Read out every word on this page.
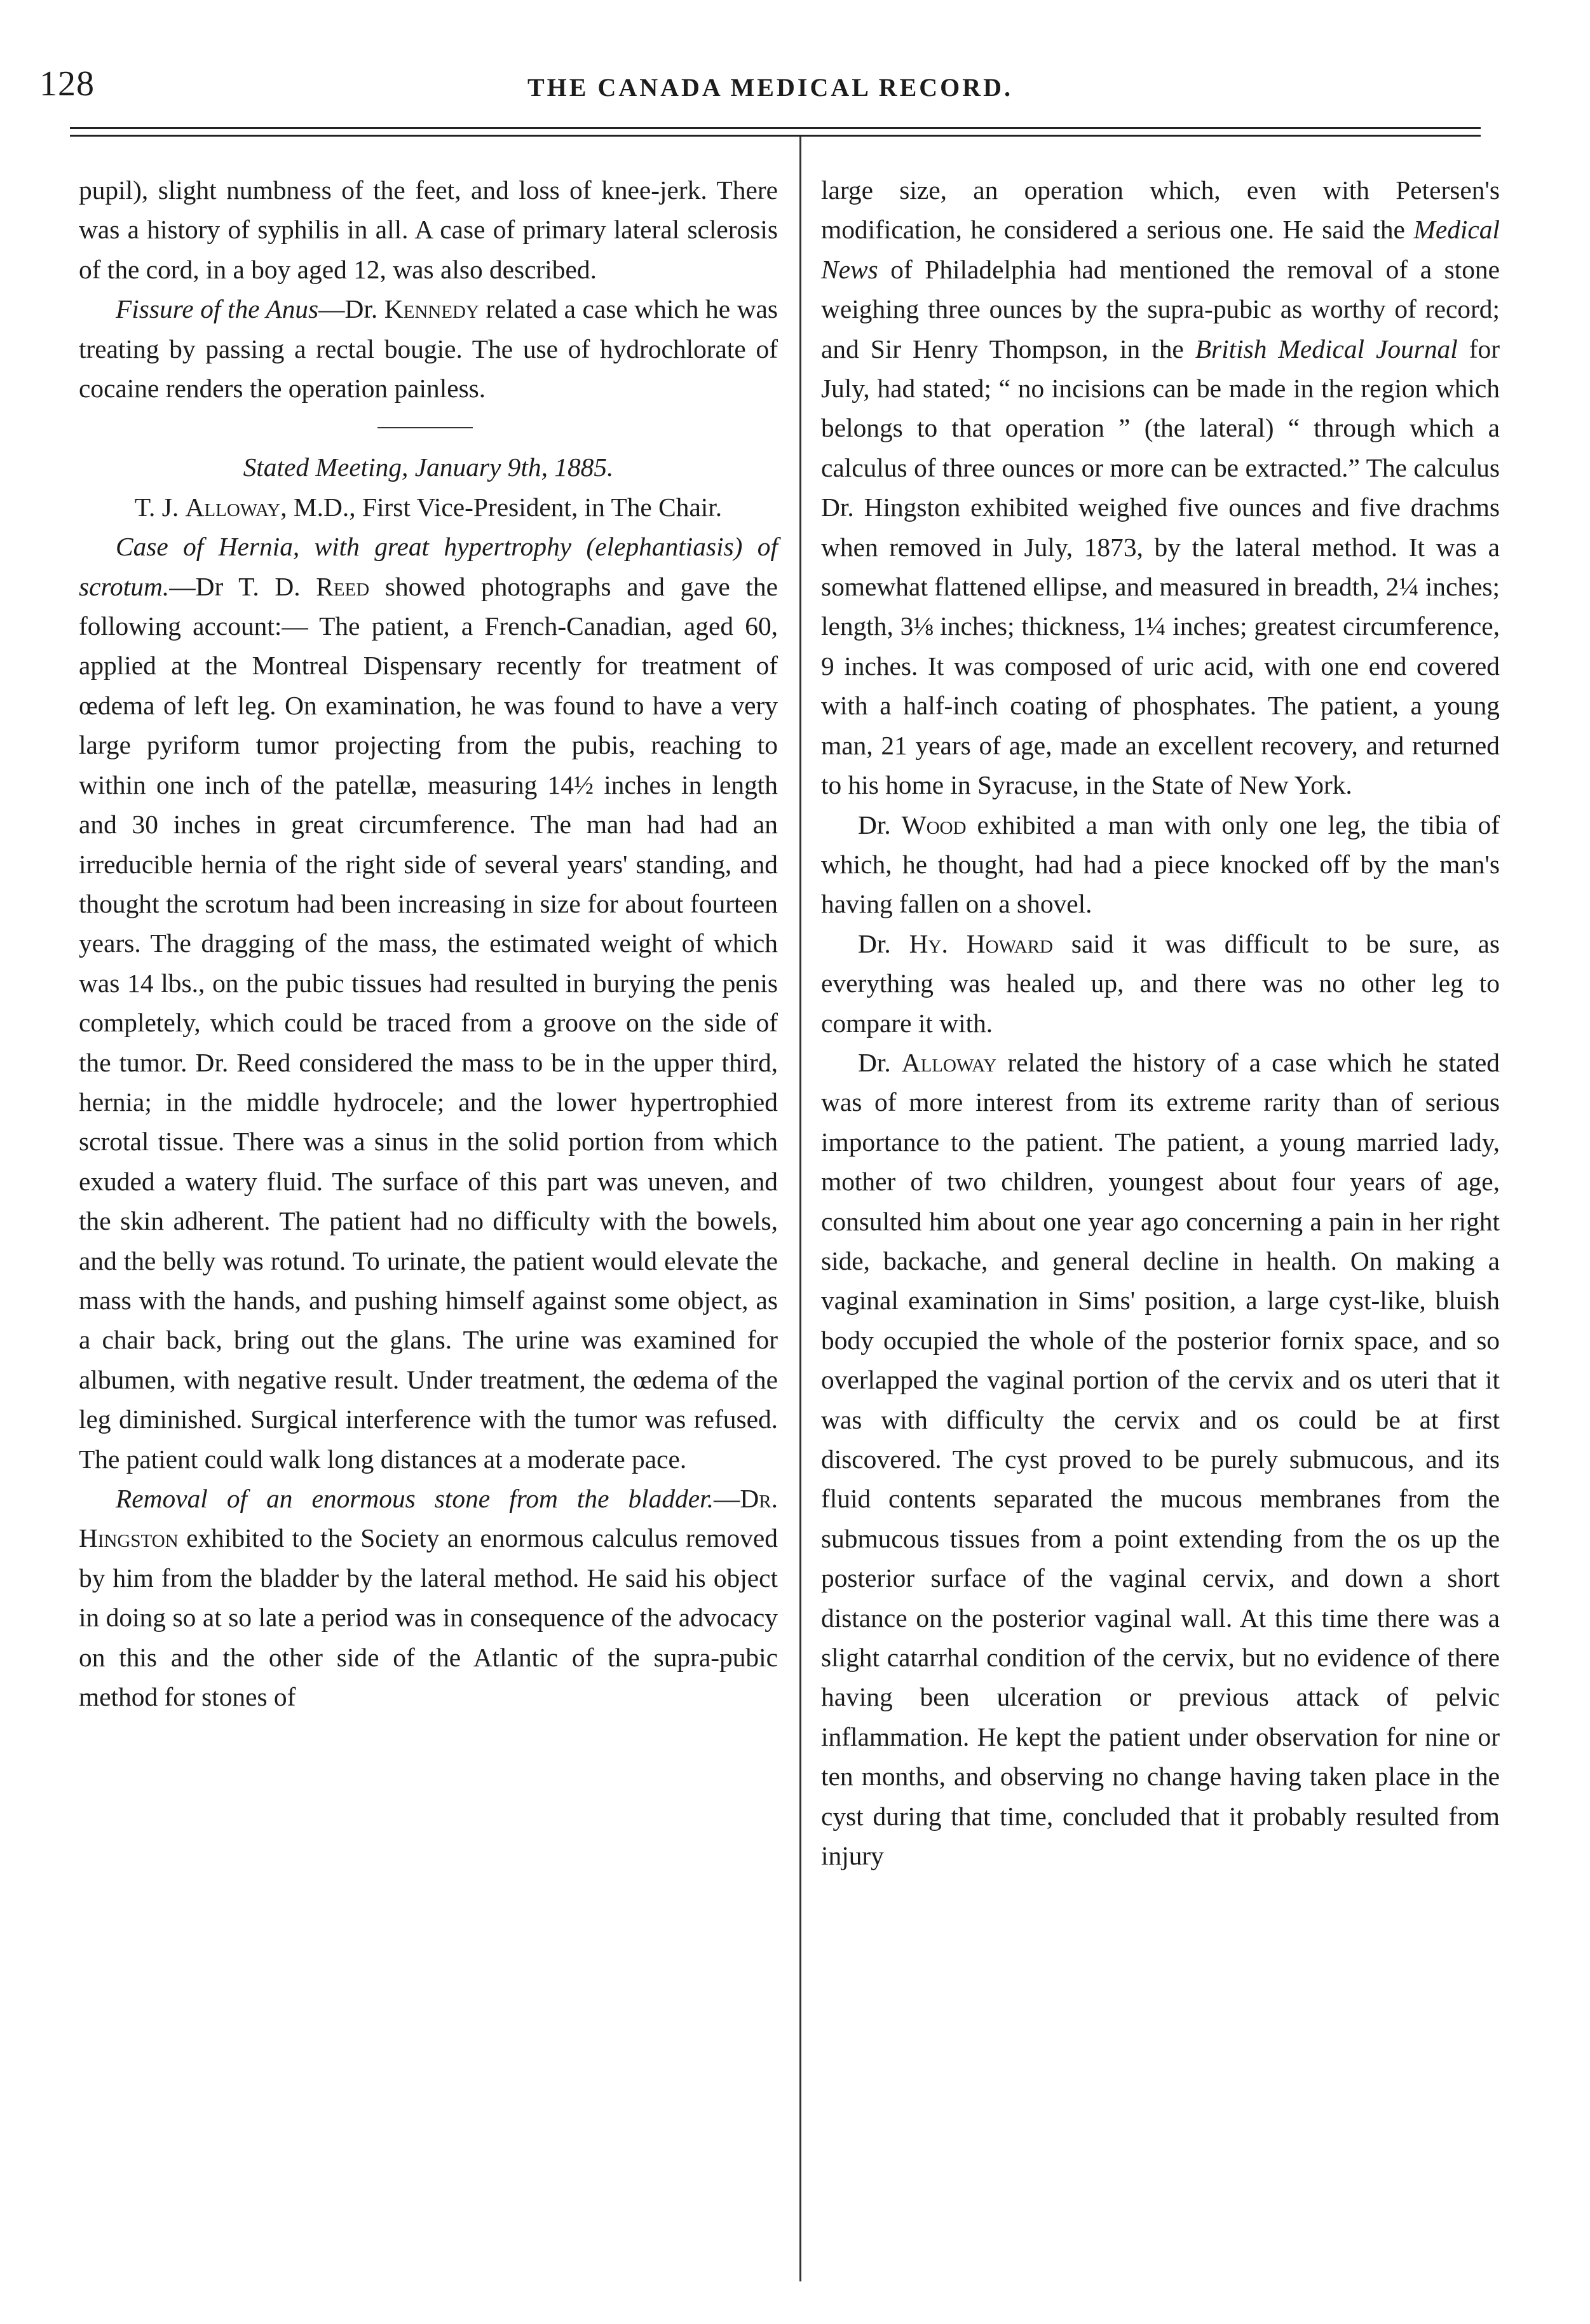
128	THE CANADA MEDICAL RECORD.

pupil), slight numbness of the feet, and loss of knee-jerk. There was a history of syphilis in all. A case of primary lateral sclerosis of the cord, in a boy aged 12, was also described.

Fissure of the Anus—Dr. Kennedy related a case which he was treating by passing a rectal bougie. The use of hydrochlorate of cocaine renders the operation painless.

Stated Meeting, January 9th, 1885.

T. J. Alloway, M.D., First Vice-President, in The Chair.

Case of Hernia, with great hypertrophy (elephantiasis) of scrotum.—Dr T. D. Reed showed photographs and gave the following account:— The patient, a French-Canadian, aged 60, applied at the Montreal Dispensary recently for treatment of œdema of left leg. On examination, he was found to have a very large pyriform tumor projecting from the pubis, reaching to within one inch of the patellæ, measuring 14½ inches in length and 30 inches in great circumference. The man had had an irreducible hernia of the right side of several years' standing, and thought the scrotum had been increasing in size for about fourteen years. The dragging of the mass, the estimated weight of which was 14 lbs., on the pubic tissues had resulted in burying the penis completely, which could be traced from a groove on the side of the tumor. Dr. Reed considered the mass to be in the upper third, hernia; in the middle hydrocele; and the lower hypertrophied scrotal tissue. There was a sinus in the solid portion from which exuded a watery fluid. The surface of this part was uneven, and the skin adherent. The patient had no difficulty with the bowels, and the belly was rotund. To urinate, the patient would elevate the mass with the hands, and pushing himself against some object, as a chair back, bring out the glans. The urine was examined for albumen, with negative result. Under treatment, the œdema of the leg diminished. Surgical interference with the tumor was refused. The patient could walk long distances at a moderate pace.

Removal of an enormous stone from the bladder.—Dr. Hingston exhibited to the Society an enormous calculus removed by him from the bladder by the lateral method. He said his object in doing so at so late a period was in consequence of the advocacy on this and the other side of the Atlantic of the supra-pubic method for stones of

large size, an operation which, even with Petersen's modification, he considered a serious one. He said the Medical News of Philadelphia had mentioned the removal of a stone weighing three ounces by the supra-pubic as worthy of record; and Sir Henry Thompson, in the British Medical Journal for July, had stated; “ no incisions can be made in the region which belongs to that operation ” (the lateral) “ through which a calculus of three ounces or more can be extracted.” The calculus Dr. Hingston exhibited weighed five ounces and five drachms when removed in July, 1873, by the lateral method. It was a somewhat flattened ellipse, and measured in breadth, 2¼ inches; length, 3⅛ inches; thickness, 1¼ inches; greatest circumference, 9 inches. It was composed of uric acid, with one end covered with a half-inch coating of phosphates. The patient, a young man, 21 years of age, made an excellent recovery, and returned to his home in Syracuse, in the State of New York.

Dr. Wood exhibited a man with only one leg, the tibia of which, he thought, had had a piece knocked off by the man's having fallen on a shovel.

Dr. Hy. Howard said it was difficult to be sure, as everything was healed up, and there was no other leg to compare it with.

Dr. Alloway related the history of a case which he stated was of more interest from its extreme rarity than of serious importance to the patient. The patient, a young married lady, mother of two children, youngest about four years of age, consulted him about one year ago concerning a pain in her right side, backache, and general decline in health. On making a vaginal examination in Sims' position, a large cyst-like, bluish body occupied the whole of the posterior fornix space, and so overlapped the vaginal portion of the cervix and os uteri that it was with difficulty the cervix and os could be at first discovered. The cyst proved to be purely submucous, and its fluid contents separated the mucous membranes from the submucous tissues from a point extending from the os up the posterior surface of the vaginal cervix, and down a short distance on the posterior vaginal wall. At this time there was a slight catarrhal condition of the cervix, but no evidence of there having been ulceration or previous attack of pelvic inflammation. He kept the patient under observation for nine or ten months, and observing no change having taken place in the cyst during that time, concluded that it probably resulted from injury
